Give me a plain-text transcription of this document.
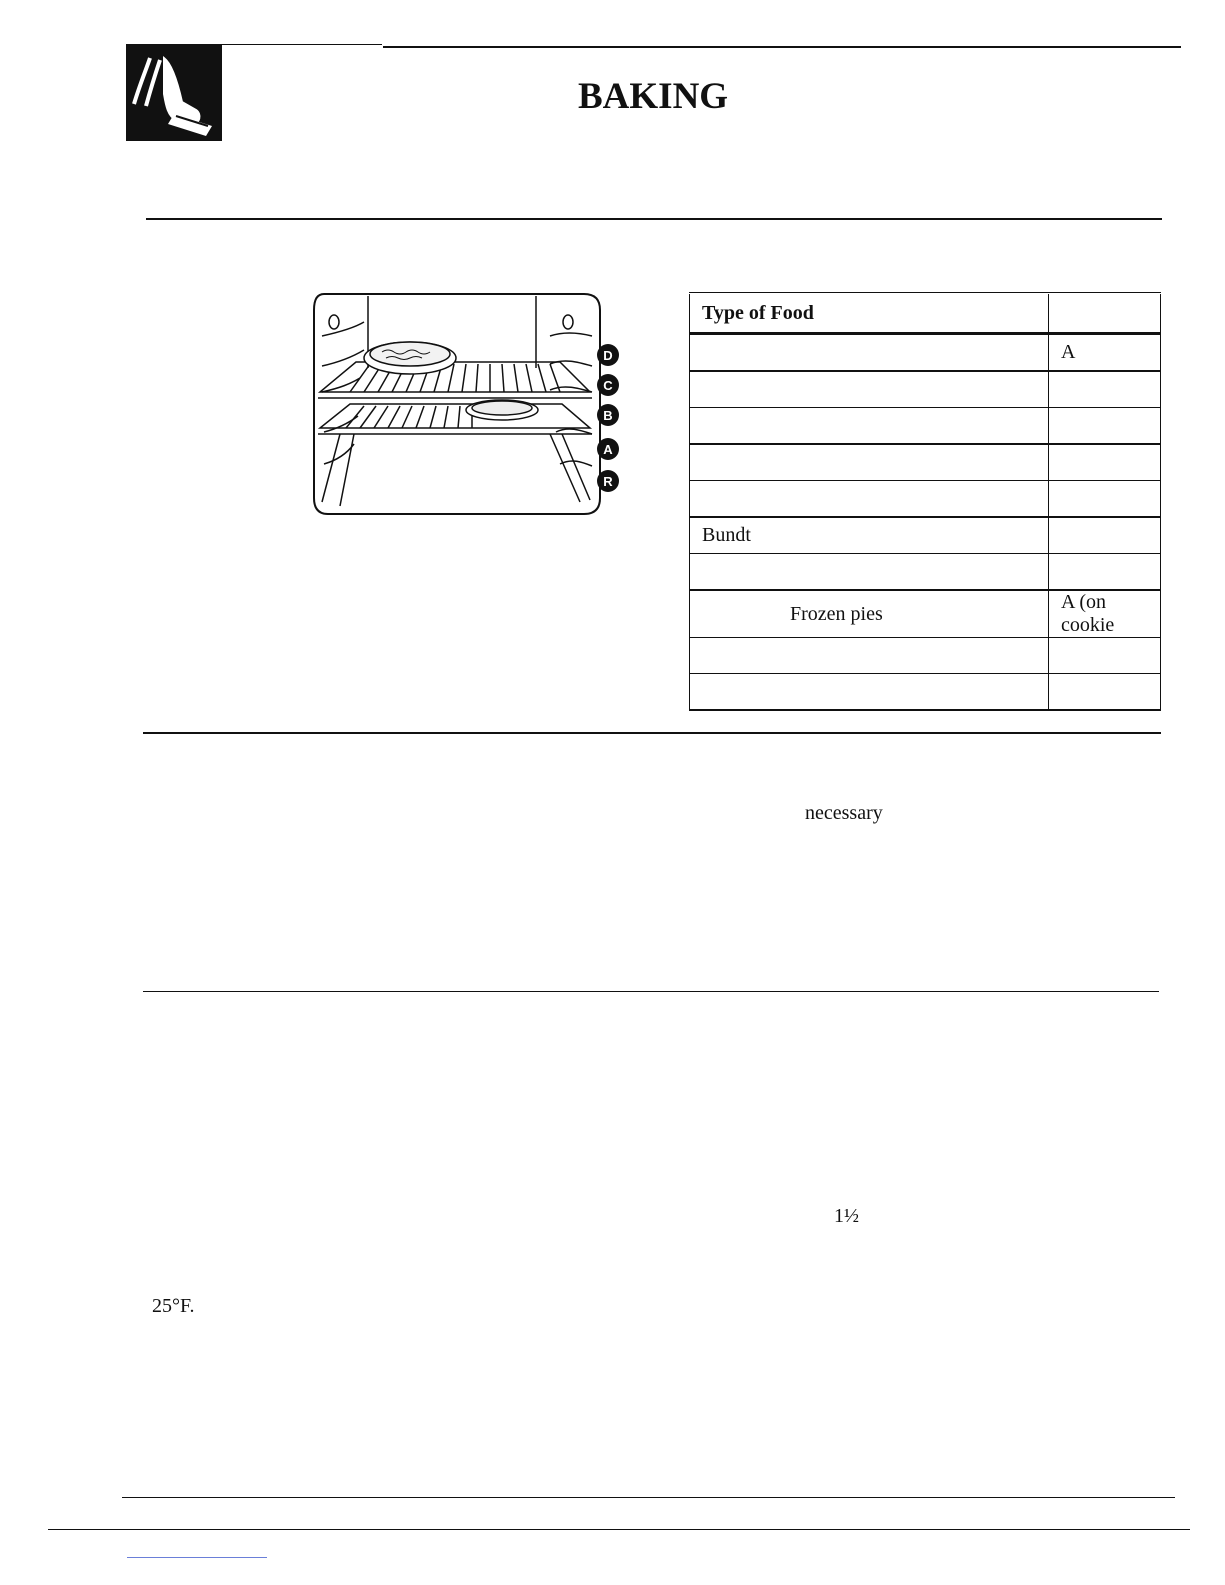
BAKING
D
C
B
A
R
Type of Food	
	A

Bundt	

Frozen pies	A (on cookie

necessary
1½
25°F.
